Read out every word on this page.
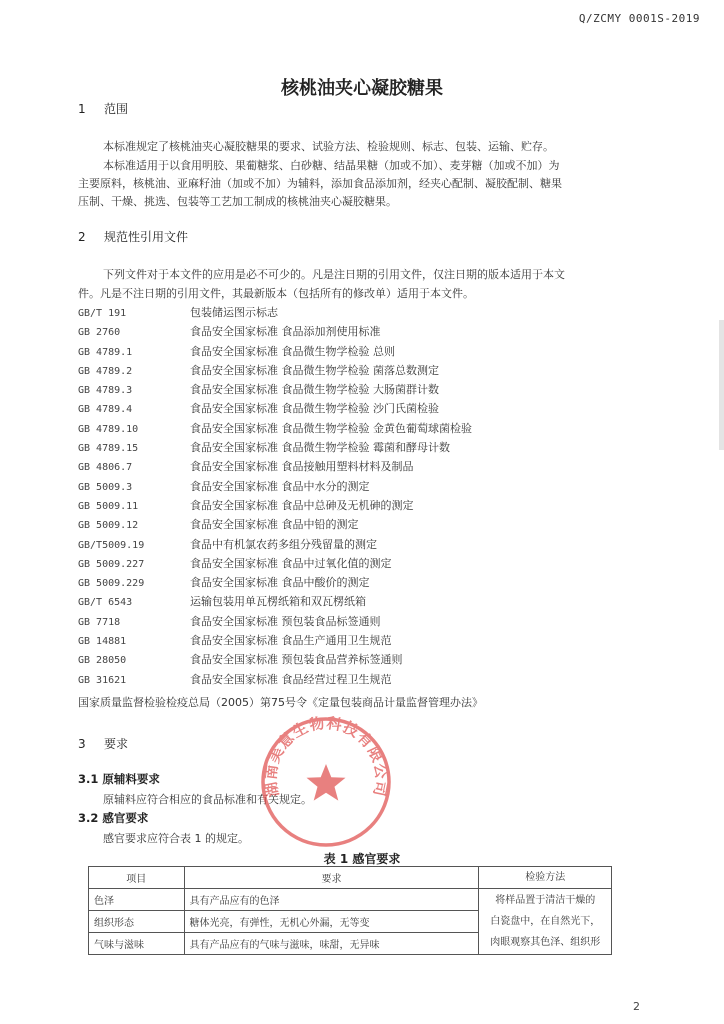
Q/ZCMY 0001S-2019
核桃油夹心凝胶糖果
1 范围
本标准规定了核桃油夹心凝胶糖果的要求、试验方法、检验规则、标志、包装、运输、贮存。
本标准适用于以食用明胶、果葡糖浆、白砂糖、结晶果糖（加或不加）、麦芽糖（加或不加）为
主要原料，核桃油、亚麻籽油（加或不加）为辅料，添加食品添加剂，经夹心配制、凝胶配制、糖果
压制、干燥、挑选、包装等工艺加工制成的核桃油夹心凝胶糖果。
2 规范性引用文件
下列文件对于本文件的应用是必不可少的。凡是注日期的引用文件，仅注日期的版本适用于本文
件。凡是不注日期的引用文件，其最新版本（包括所有的修改单）适用于本文件。
GB/T 191	包装储运图示标志
GB 2760	食品安全国家标准 食品添加剂使用标准
GB 4789.1	食品安全国家标准 食品微生物学检验 总则
GB 4789.2	食品安全国家标准 食品微生物学检验 菌落总数测定
GB 4789.3	食品安全国家标准 食品微生物学检验 大肠菌群计数
GB 4789.4	食品安全国家标准 食品微生物学检验 沙门氏菌检验
GB 4789.10	食品安全国家标准 食品微生物学检验 金黄色葡萄球菌检验
GB 4789.15	食品安全国家标准 食品微生物学检验 霉菌和酵母计数
GB 4806.7	食品安全国家标准 食品接触用塑料材料及制品
GB 5009.3	食品安全国家标准 食品中水分的测定
GB 5009.11	食品安全国家标准 食品中总砷及无机砷的测定
GB 5009.12	食品安全国家标准 食品中铅的测定
GB/T5009.19	食品中有机氯农药多组分残留量的测定
GB 5009.227	食品安全国家标准 食品中过氧化值的测定
GB 5009.229	食品安全国家标准 食品中酸价的测定
GB/T 6543	运输包装用单瓦楞纸箱和双瓦楞纸箱
GB 7718	食品安全国家标准 预包装食品标签通则
GB 14881	食品安全国家标准 食品生产通用卫生规范
GB 28050	食品安全国家标准 预包装食品营养标签通则
GB 31621	食品安全国家标准 食品经营过程卫生规范
国家质量监督检验检疫总局（2005）第75号令《定量包装商品计量监督管理办法》
3 要求
3.1 原辅料要求
原辅料应符合相应的食品标准和有关规定。
3.2 感官要求
感官要求应符合表 1 的规定。
表 1 感官要求
项目	要求	检验方法
色泽	具有产品应有的色泽	将样品置于清洁干燥的
白瓷盘中，在自然光下，
肉眼观察其色泽、组织形

组织形态	糖体光亮，有弹性，无机心外漏，无等变	
气味与滋味	具有产品应有的气味与滋味，味甜，无异味	
湖南美意生物科技有限公司
2
